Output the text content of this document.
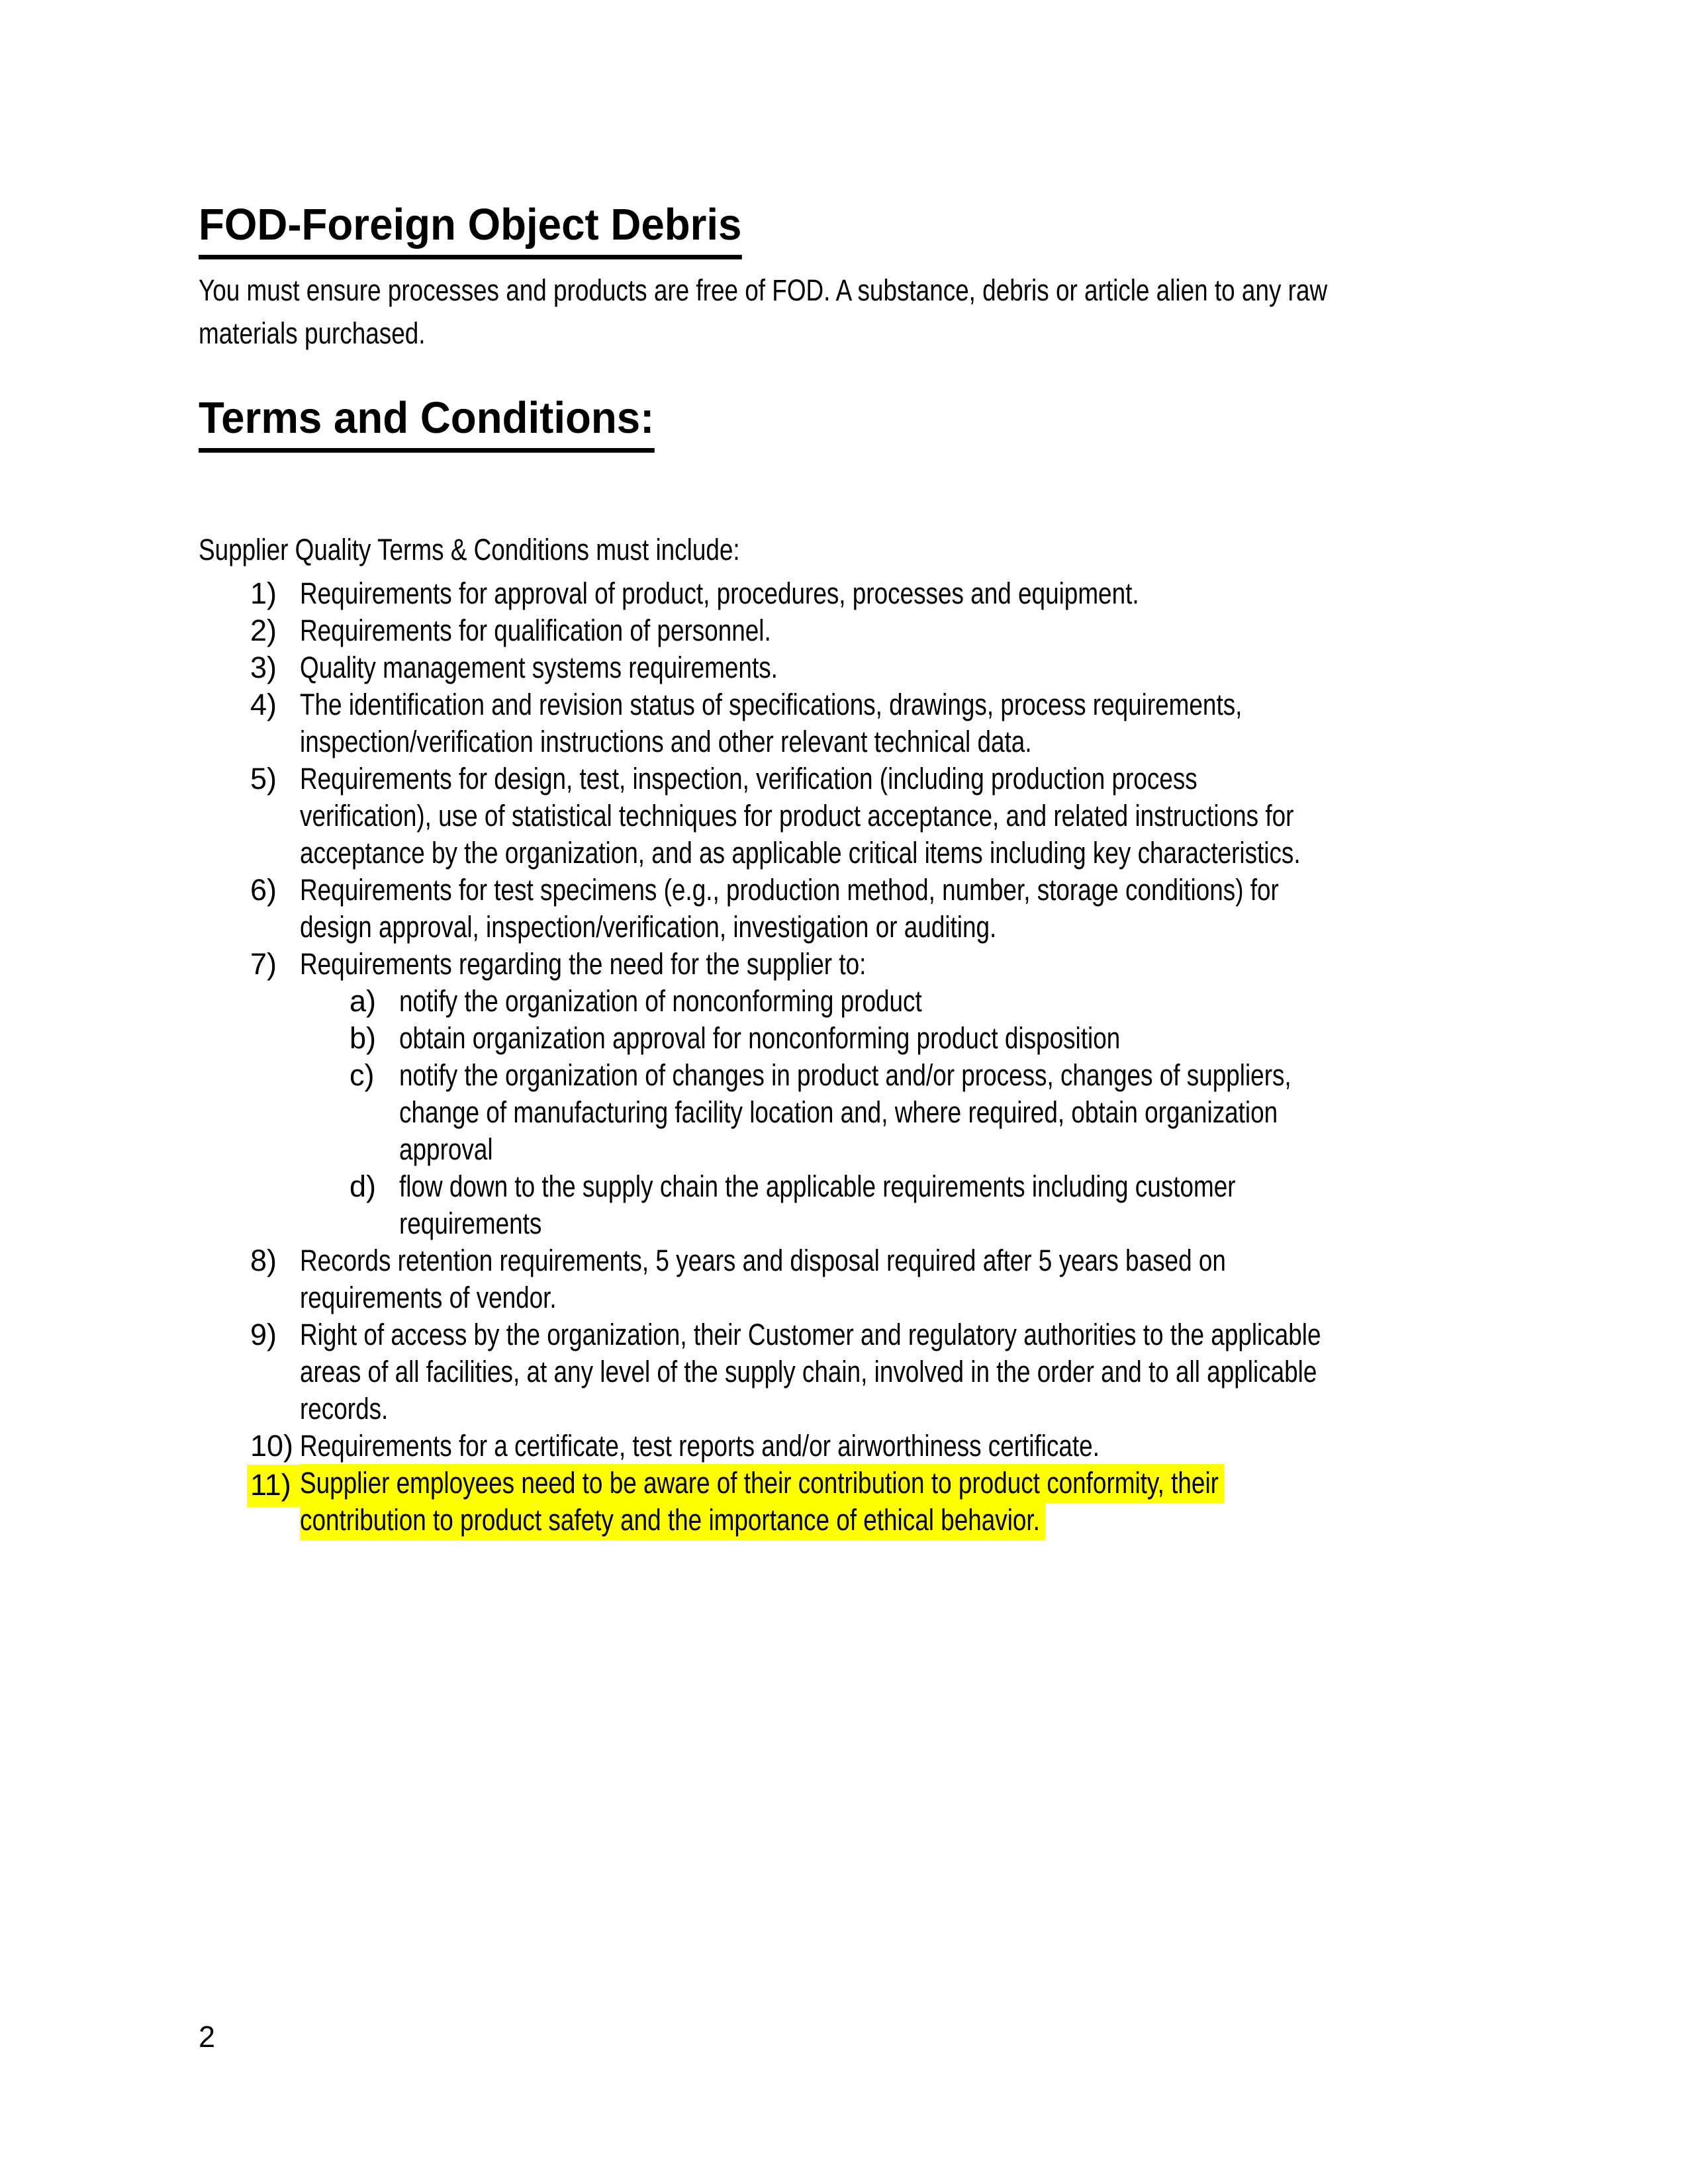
FOD-Foreign Object Debris
You must ensure processes and products are free of FOD. A substance, debris or article alien to any raw
materials purchased.
Terms and Conditions:
Supplier Quality Terms & Conditions must include:
1) Requirements for approval of product, procedures, processes and equipment.
2) Requirements for qualification of personnel.
3) Quality management systems requirements.
4) The identification and revision status of specifications, drawings, process requirements,
inspection/verification instructions and other relevant technical data.
5) Requirements for design, test, inspection, verification (including production process
verification), use of statistical techniques for product acceptance, and related instructions for
acceptance by the organization, and as applicable critical items including key characteristics.
6) Requirements for test specimens (e.g., production method, number, storage conditions) for
design approval, inspection/verification, investigation or auditing.
7) Requirements regarding the need for the supplier to:
a) notify the organization of nonconforming product
b) obtain organization approval for nonconforming product disposition
c) notify the organization of changes in product and/or process, changes of suppliers,
change of manufacturing facility location and, where required, obtain organization
approval
d) flow down to the supply chain the applicable requirements including customer
requirements
8) Records retention requirements, 5 years and disposal required after 5 years based on
requirements of vendor.
9) Right of access by the organization, their Customer and regulatory authorities to the applicable
areas of all facilities, at any level of the supply chain, involved in the order and to all applicable
records.
10) Requirements for a certificate, test reports and/or airworthiness certificate.
11) Supplier employees need to be aware of their contribution to product conformity, their
contribution to product safety and the importance of ethical behavior.
2
